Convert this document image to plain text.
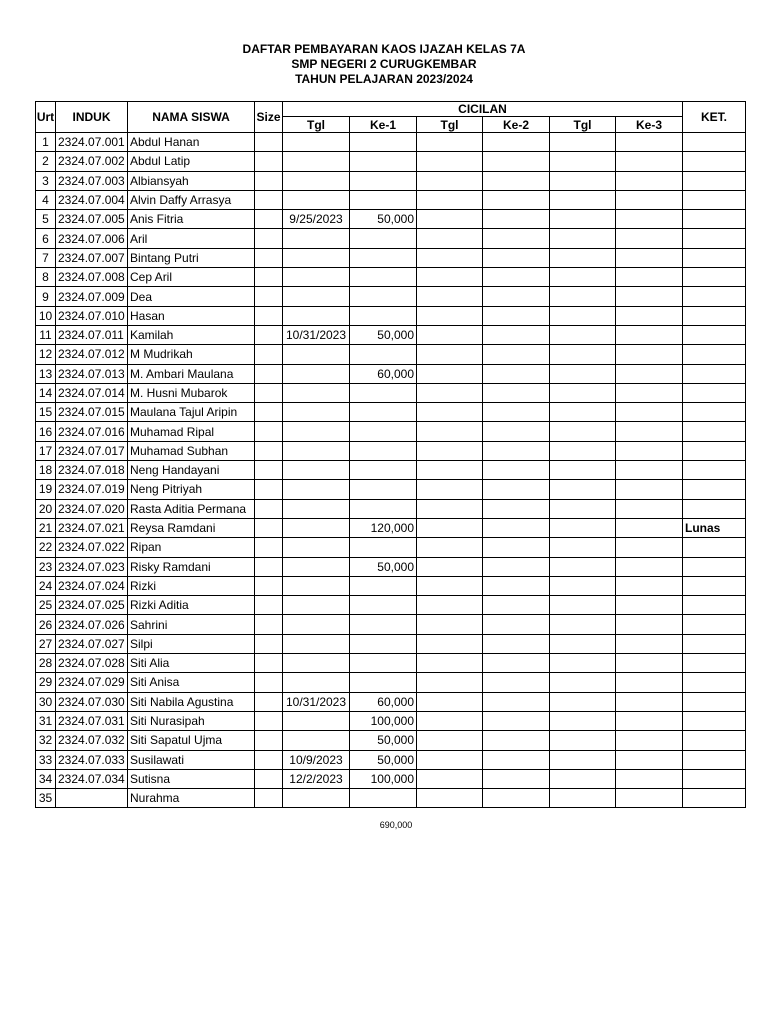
DAFTAR PEMBAYARAN KAOS IJAZAH KELAS 7A
SMP NEGERI 2 CURUGKEMBAR
TAHUN PELAJARAN 2023/2024
Urt	INDUK	NAMA SISWA	Size	CICILAN						KET.
				Tgl	Ke-1	Tgl	Ke-2	Tgl	Ke-3	
1	2324.07.001	Abdul Hanan								
2	2324.07.002	Abdul Latip								
3	2324.07.003	Albiansyah								
4	2324.07.004	Alvin Daffy Arrasya								
5	2324.07.005	Anis Fitria		9/25/2023	50,000					
6	2324.07.006	Aril								
7	2324.07.007	Bintang Putri								
8	2324.07.008	Cep Aril								
9	2324.07.009	Dea								
10	2324.07.010	Hasan								
11	2324.07.011	Kamilah		10/31/2023	50,000					
12	2324.07.012	M Mudrikah								
13	2324.07.013	M. Ambari Maulana			60,000					
14	2324.07.014	M. Husni Mubarok								
15	2324.07.015	Maulana Tajul Aripin								
16	2324.07.016	Muhamad Ripal								
17	2324.07.017	Muhamad Subhan								
18	2324.07.018	Neng Handayani								
19	2324.07.019	Neng Pitriyah								
20	2324.07.020	Rasta Aditia Permana								
21	2324.07.021	Reysa Ramdani			120,000					Lunas
22	2324.07.022	Ripan								
23	2324.07.023	Risky Ramdani			50,000					
24	2324.07.024	Rizki								
25	2324.07.025	Rizki Aditia								
26	2324.07.026	Sahrini								
27	2324.07.027	Silpi								
28	2324.07.028	Siti Alia								
29	2324.07.029	Siti Anisa								
30	2324.07.030	Siti Nabila Agustina		10/31/2023	60,000					
31	2324.07.031	Siti Nurasipah			100,000					
32	2324.07.032	Siti Sapatul Ujma			50,000					
33	2324.07.033	Susilawati		10/9/2023	50,000					
34	2324.07.034	Sutisna		12/2/2023	100,000					
35		Nurahma								
690,000
